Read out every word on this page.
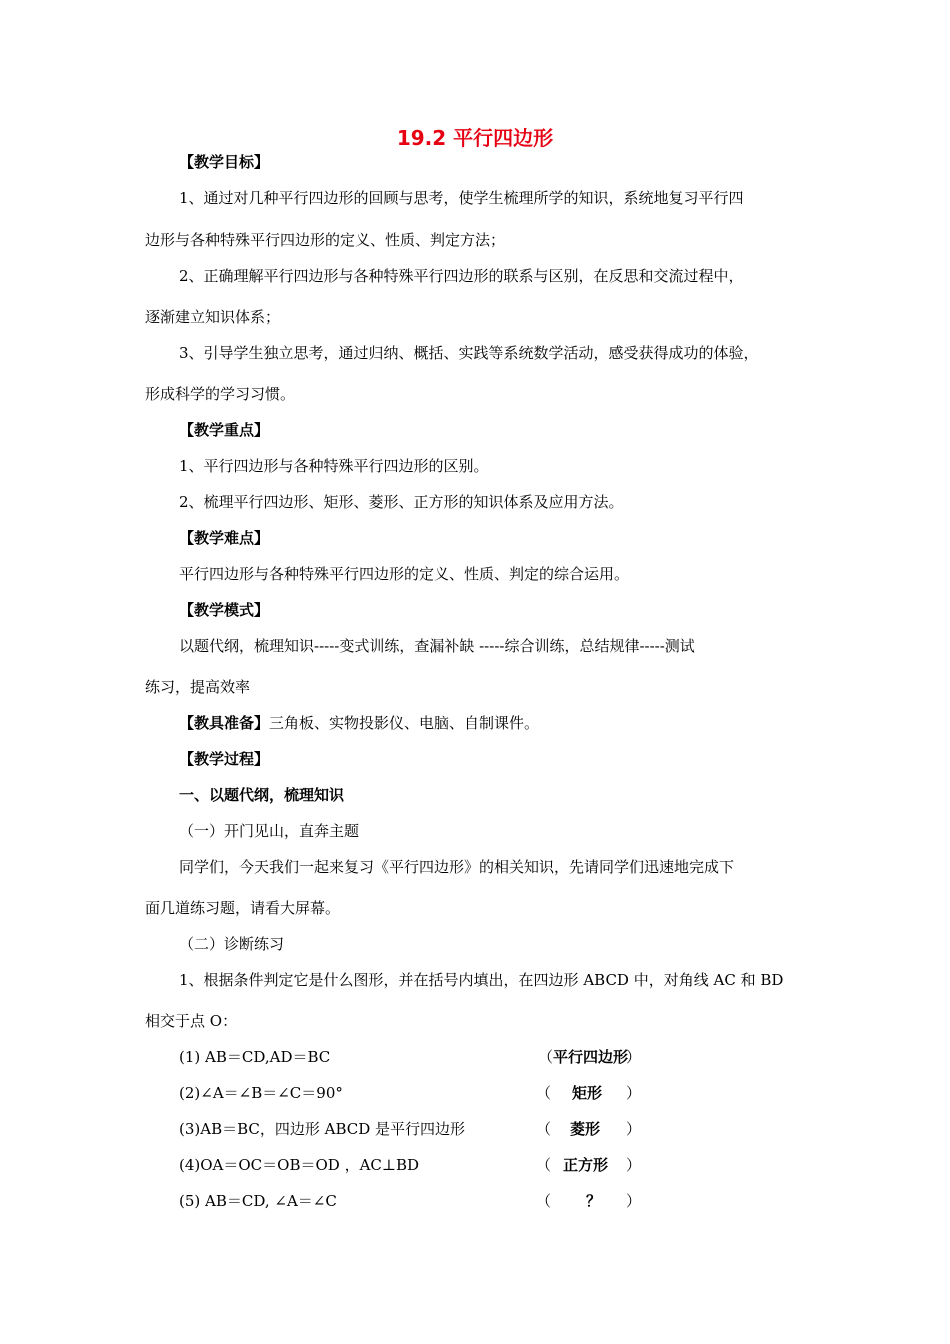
19.2 平行四边形
【教学目标】
1、通过对几种平行四边形的回顾与思考，使学生梳理所学的知识，系统地复习平行四
边形与各种特殊平行四边形的定义、性质、判定方法；
2、正确理解平行四边形与各种特殊平行四边形的联系与区别，在反思和交流过程中，
逐渐建立知识体系；
3、引导学生独立思考，通过归纳、概括、实践等系统数学活动，感受获得成功的体验，
形成科学的学习习惯。
【教学重点】
1、平行四边形与各种特殊平行四边形的区别。
2、梳理平行四边形、矩形、菱形、正方形的知识体系及应用方法。
【教学难点】
平行四边形与各种特殊平行四边形的定义、性质、判定的综合运用。
【教学模式】
以题代纲，梳理知识-----变式训练，查漏补缺 -----综合训练，总结规律-----测试
练习，提高效率
【教具准备】三角板、实物投影仪、电脑、自制课件。
【教学过程】
一、以题代纲，梳理知识
（一）开门见山，直奔主题
同学们，今天我们一起来复习《平行四边形》的相关知识，先请同学们迅速地完成下
面几道练习题，请看大屏幕。
（二）诊断练习
1、根据条件判定它是什么图形，并在括号内填出，在四边形 ABCD 中，对角线 AC 和 BD
相交于点 O：
(1) AB＝CD,AD＝BC	（ 平行四边形
）
(2)∠A＝∠B＝∠C＝90°	（ 矩形 ）
(3)AB＝BC，四边形 ABCD 是平行四边形	（ 菱形 ）
(4)OA＝OC＝OB＝OD ，AC⊥BD	（ 正方形 ）
(5) AB＝CD, ∠A＝∠C	（ ？ ）
